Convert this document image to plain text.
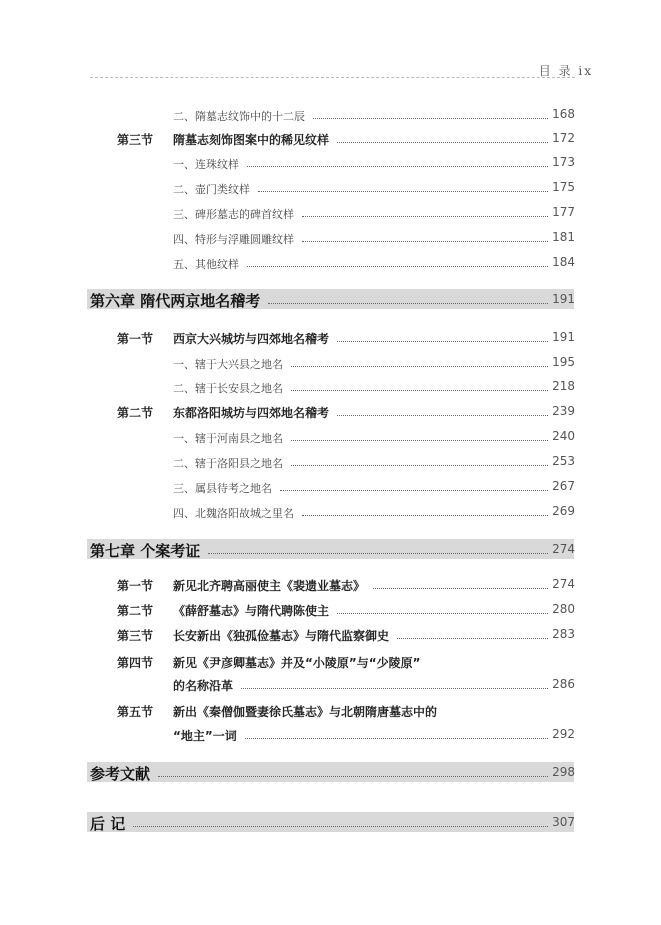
目 录 ix
二、隋墓志纹饰中的十二辰	168
第三节 隋墓志刻饰图案中的稀见纹样	172
一、连珠纹样	173
二、壶门类纹样	175
三、碑形墓志的碑首纹样	177
四、特形与浮雕圆雕纹样	181
五、其他纹样	184
第六章 隋代两京地名稽考	191
第一节 西京大兴城坊与四郊地名稽考	191
一、辖于大兴县之地名	195
二、辖于长安县之地名	218
第二节 东都洛阳城坊与四郊地名稽考	239
一、辖于河南县之地名	240
二、辖于洛阳县之地名	253
三、属县待考之地名	267
四、北魏洛阳故城之里名	269
第七章 个案考证	274
第一节 新见北齐聘高丽使主《裴遗业墓志》	274
第二节 《薛舒墓志》与隋代聘陈使主	280
第三节 长安新出《独孤俭墓志》与隋代监察御史	283
第四节 新见《尹彦卿墓志》并及“小陵原”与“少陵原”
的名称沿革	286
第五节 新出《秦僧伽暨妻徐氏墓志》与北朝隋唐墓志中的
“地主”一词	292
参考文献	298
后 记	307
